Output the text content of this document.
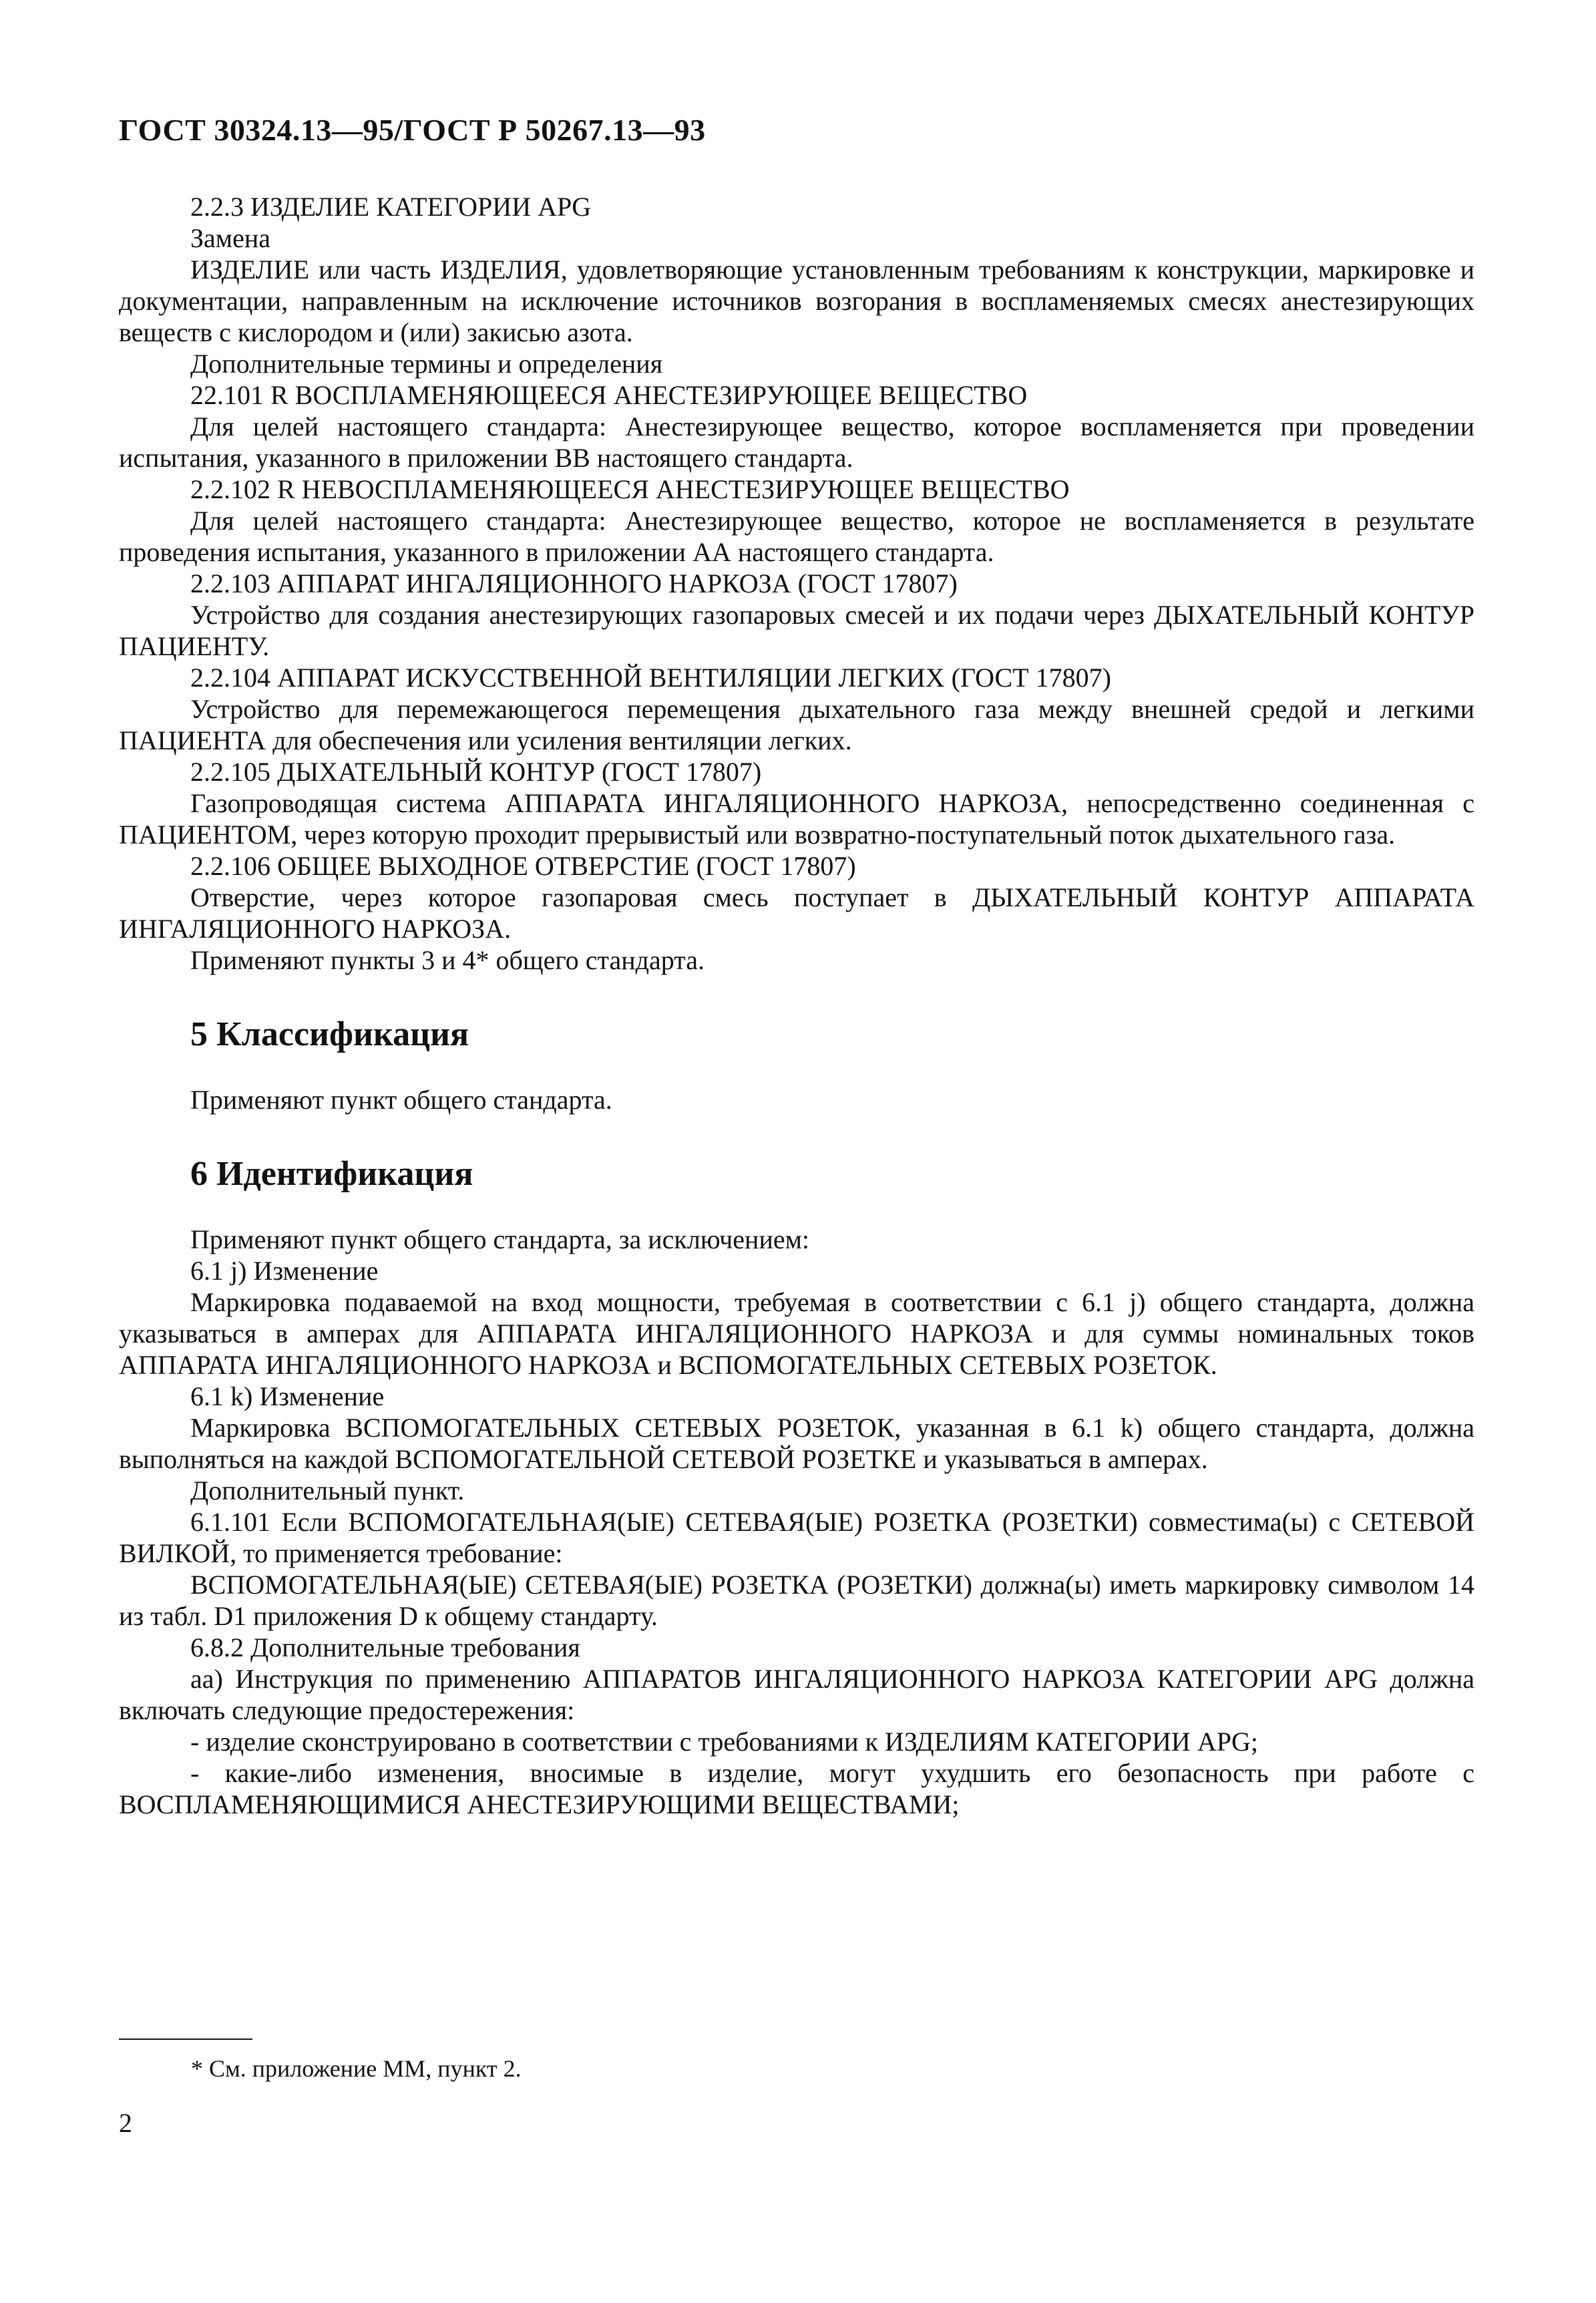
ГОСТ 30324.13—95/ГОСТ Р 50267.13—93

2.2.3 ИЗДЕЛИЕ КАТЕГОРИИ APG

Замена

ИЗДЕЛИЕ или часть ИЗДЕЛИЯ, удовлетворяющие установленным требованиям к конструкции, маркировке и документации, направленным на исключение источников возгорания в воспламеняемых смесях анестезирующих веществ с кислородом и (или) закисью азота.

Дополнительные термины и определения

22.101 R ВОСПЛАМЕНЯЮЩЕЕСЯ АНЕСТЕЗИРУЮЩЕЕ ВЕЩЕСТВО

Для целей настоящего стандарта: Анестезирующее вещество, которое воспламеняется при проведении испытания, указанного в приложении ВВ настоящего стандарта.

2.2.102 R НЕВОСПЛАМЕНЯЮЩЕЕСЯ АНЕСТЕЗИРУЮЩЕЕ ВЕЩЕСТВО

Для целей настоящего стандарта: Анестезирующее вещество, которое не воспламеняется в результате проведения испытания, указанного в приложении АА настоящего стандарта.

2.2.103 АППАРАТ ИНГАЛЯЦИОННОГО НАРКОЗА (ГОСТ 17807)

Устройство для создания анестезирующих газопаровых смесей и их подачи через ДЫХАТЕЛЬНЫЙ КОНТУР ПАЦИЕНТУ.

2.2.104 АППАРАТ ИСКУССТВЕННОЙ ВЕНТИЛЯЦИИ ЛЕГКИХ (ГОСТ 17807)

Устройство для перемежающегося перемещения дыхательного газа между внешней средой и легкими ПАЦИЕНТА для обеспечения или усиления вентиляции легких.

2.2.105 ДЫХАТЕЛЬНЫЙ КОНТУР (ГОСТ 17807)

Газопроводящая система АППАРАТА ИНГАЛЯЦИОННОГО НАРКОЗА, непосредственно соединенная с ПАЦИЕНТОМ, через которую проходит прерывистый или возвратно-поступательный поток дыхательного газа.

2.2.106 ОБЩЕЕ ВЫХОДНОЕ ОТВЕРСТИЕ (ГОСТ 17807)

Отверстие, через которое газопаровая смесь поступает в ДЫХАТЕЛЬНЫЙ КОНТУР АППАРАТА ИНГАЛЯЦИОННОГО НАРКОЗА.

Применяют пункты 3 и 4* общего стандарта.

5 Классификация

Применяют пункт общего стандарта.

6 Идентификация

Применяют пункт общего стандарта, за исключением:

6.1 j) Изменение

Маркировка подаваемой на вход мощности, требуемая в соответствии с 6.1 j) общего стандарта, должна указываться в амперах для АППАРАТА ИНГАЛЯЦИОННОГО НАРКОЗА и для суммы номинальных токов АППАРАТА ИНГАЛЯЦИОННОГО НАРКОЗА и ВСПОМОГАТЕЛЬНЫХ СЕТЕВЫХ РОЗЕТОК.

6.1 k) Изменение

Маркировка ВСПОМОГАТЕЛЬНЫХ СЕТЕВЫХ РОЗЕТОК, указанная в 6.1 k) общего стандарта, должна выполняться на каждой ВСПОМОГАТЕЛЬНОЙ СЕТЕВОЙ РОЗЕТКЕ и указываться в амперах.

Дополнительный пункт.

6.1.101 Если ВСПОМОГАТЕЛЬНАЯ(ЫЕ) СЕТЕВАЯ(ЫЕ) РОЗЕТКА (РОЗЕТКИ) совместима(ы) с СЕТЕВОЙ ВИЛКОЙ, то применяется требование:

ВСПОМОГАТЕЛЬНАЯ(ЫЕ) СЕТЕВАЯ(ЫЕ) РОЗЕТКА (РОЗЕТКИ) должна(ы) иметь маркировку символом 14 из табл. D1 приложения D к общему стандарту.

6.8.2 Дополнительные требования

аа) Инструкция по применению АППАРАТОВ ИНГАЛЯЦИОННОГО НАРКОЗА КАТЕГОРИИ APG должна включать следующие предостережения:

- изделие сконструировано в соответствии с требованиями к ИЗДЕЛИЯМ КАТЕГОРИИ APG;

- какие-либо изменения, вносимые в изделие, могут ухудшить его безопасность при работе с ВОСПЛАМЕНЯЮЩИМИСЯ АНЕСТЕЗИРУЮЩИМИ ВЕЩЕСТВАМИ;

* См. приложение ММ, пункт 2.
2
